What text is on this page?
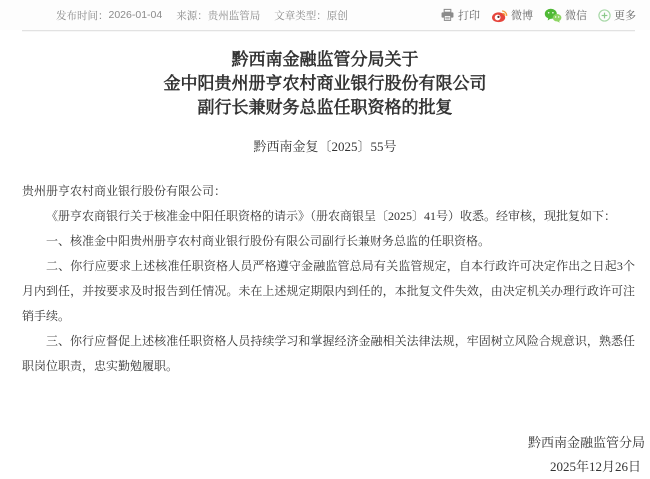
发布时间： 2026-01-04 来源： 贵州监管局 文章类型： 原创	打印	微博	微信 更多
黔西南金融监管分局关于
金中阳贵州册亨农村商业银行股份有限公司
副行长兼财务总监任职资格的批复
黔西南金复〔2025〕55号
贵州册亨农村商业银行股份有限公司：
《册亨农商银行关于核准金中阳任职资格的请示》（册农商银呈〔2025〕41号）收悉。经审核，现批复如下：
一、核准金中阳贵州册亨农村商业银行股份有限公司副行长兼财务总监的任职资格。
二、你行应要求上述核准任职资格人员严格遵守金融监管总局有关监管规定，自本行政许可决定作出之日起3个月内到任，并按要求及时报告到任情况。未在上述规定期限内到任的，本批复文件失效，由决定机关办理行政许可注销手续。
三、你行应督促上述核准任职资格人员持续学习和掌握经济金融相关法律法规，牢固树立风险合规意识，熟悉任职岗位职责，忠实勤勉履职。
黔西南金融监管分局
2025年12月26日
